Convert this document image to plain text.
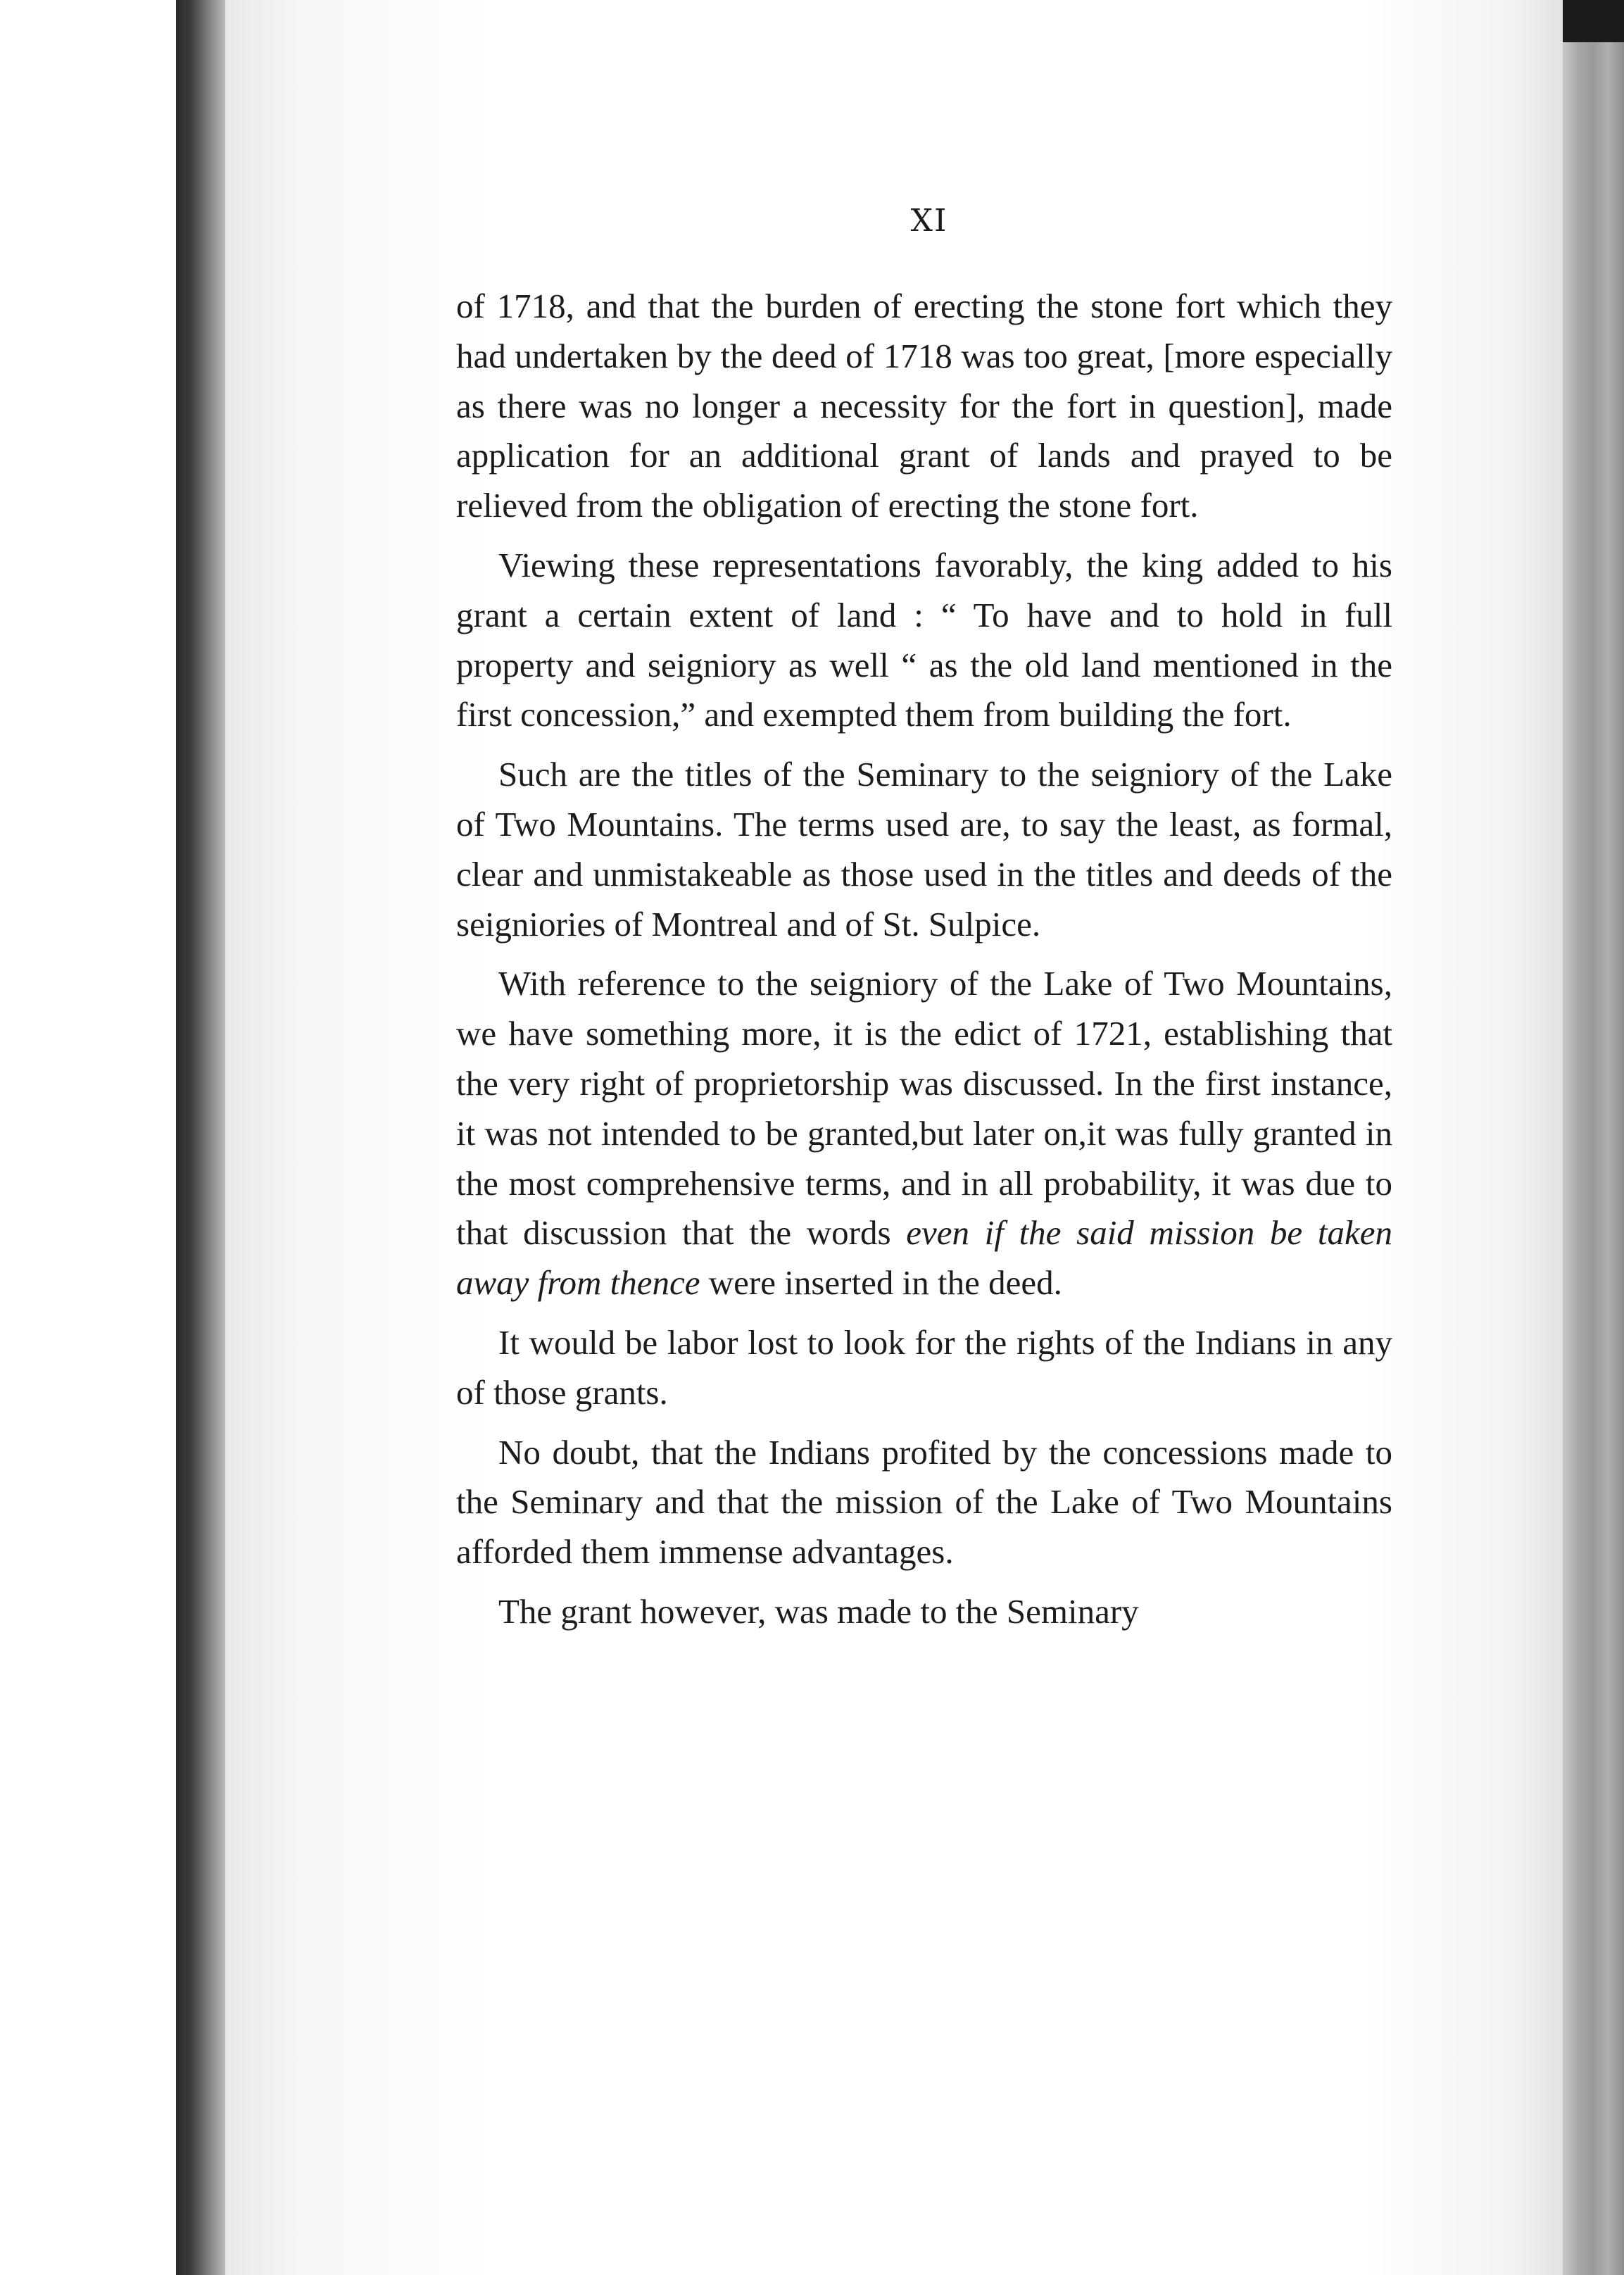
XI

of 1718, and that the burden of erecting the stone fort which they had undertaken by the deed of 1718 was too great, [more especially as there was no longer a necessity for the fort in question], made application for an additional grant of lands and prayed to be relieved from the obligation of erecting the stone fort.

Viewing these representations favorably, the king added to his grant a certain extent of land : “ To have and to hold in full property and seigniory as well “ as the old land mentioned in the first concession,” and exempted them from building the fort.

Such are the titles of the Seminary to the seigniory of the Lake of Two Mountains. The terms used are, to say the least, as formal, clear and unmistakeable as those used in the titles and deeds of the seigniories of Montreal and of St. Sulpice.

With reference to the seigniory of the Lake of Two Mountains, we have something more, it is the edict of 1721, establishing that the very right of proprietorship was discussed. In the first instance, it was not intended to be granted,but later on,it was fully granted in the most comprehensive terms, and in all probability, it was due to that discussion that the words even if the said mission be taken away from thence were inserted in the deed.

It would be labor lost to look for the rights of the Indians in any of those grants.

No doubt, that the Indians profited by the concessions made to the Seminary and that the mission of the Lake of Two Mountains afforded them immense advantages.

The grant however, was made to the Seminary
